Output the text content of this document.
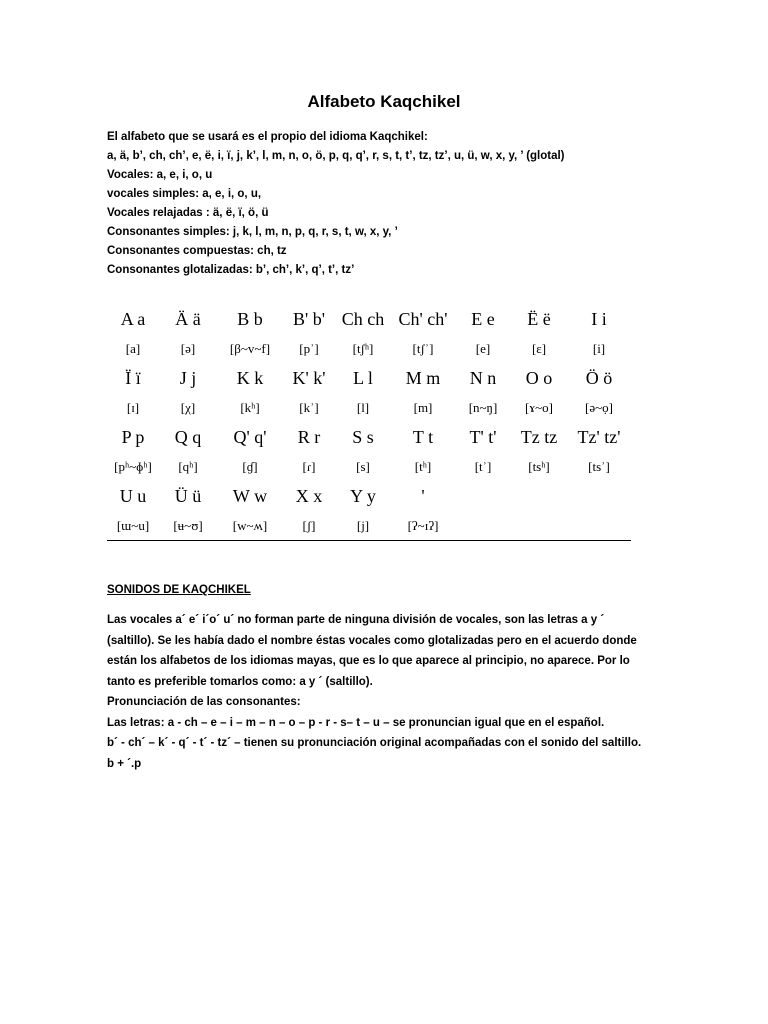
Alfabeto Kaqchikel
El alfabeto que se usará es el propio del idioma Kaqchikel:
a, ä, b’, ch, ch’, e, ë, i, ï, j, k’, l, m, n, o, ö, p, q, q’, r, s, t, t’, tz, tz’, u, ü, w, x, y, ’ (glotal)
Vocales: a, e, i, o, u
vocales simples: a, e, i, o, u,
Vocales relajadas : ä, ë, ï, ö, ü
Consonantes simples: j, k, l, m, n, p, q, r, s, t, w, x, y, ’
Consonantes compuestas: ch, tz
Consonantes glotalizadas: b’, ch’, k’, q’, t’, tz’
A a	Ä ä	B b	B' b'	Ch ch	Ch' ch'	E e	Ë ë	I i
[a]	[ə]	[β~v~f]	[pʾ]	[tʃʰ]	[tʃʾ]	[e]	[ɛ]	[i]
Ï ï	J j	K k	K' k'	L l	M m	N n	O o	Ö ö
[ɪ]	[χ]	[kʰ]	[kʾ]	[l]	[m]	[n~ŋ]	[ɤ~o]	[ə~ọ]
P p	Q q	Q' q'	R r	S s	T t	T' t'	Tz tz	Tz' tz'
[pʰ~ɸʰ]	[qʰ]	[ɠ]	[ɾ]	[s]	[tʰ]	[tʾ]	[tsʰ]	[tsʾ]
U u	Ü ü	W w	X x	Y y	'			
[ɯ~u]	[ʉ~ʊ]	[w~ʍ]	[ʃ]	[j]	[ʔ~ɪʔ]			
SONIDOS DE KAQCHIKEL
Las vocales a´ e´ i´o´ u´ no forman parte de ninguna división de vocales, son las letras a y ´
(saltillo). Se les había dado el nombre éstas vocales como glotalizadas pero en el acuerdo donde
están los alfabetos de los idiomas mayas, que es lo que aparece al principio, no aparece. Por lo
tanto es preferible tomarlos como: a y ´ (saltillo).
Pronunciación de las consonantes:
Las letras: a - ch – e – i – m – n – o – p - r - s– t – u – se pronuncian igual que en el español.
b´ - ch´ – k´ - q´ - t´ - tz´ – tienen su pronunciación original acompañadas con el sonido del saltillo.
b + ´.p
